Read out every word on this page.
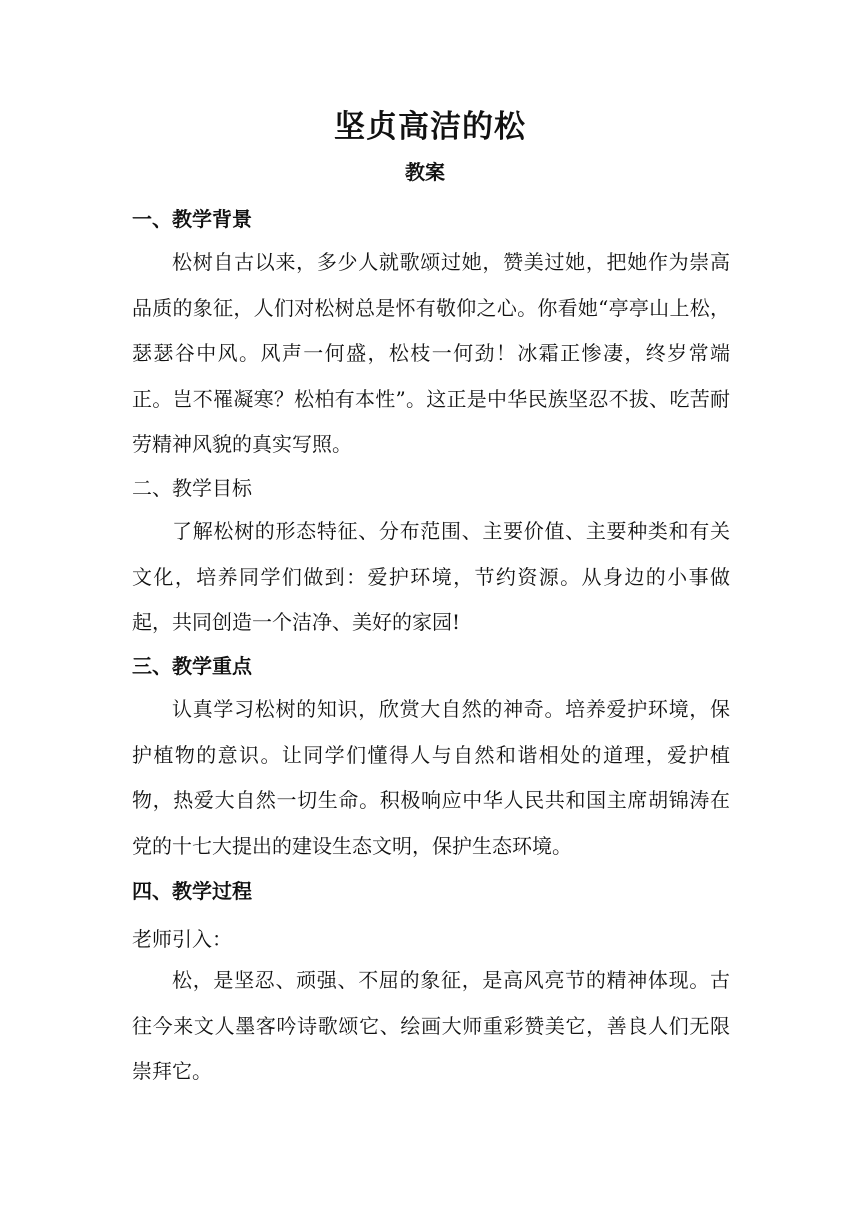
坚贞高洁的松
教案
一、教学背景
松树自古以来，多少人就歌颂过她，赞美过她，把她作为崇高品质的象征，人们对松树总是怀有敬仰之心。你看她“亭亭山上松，瑟瑟谷中风。风声一何盛，松枝一何劲！冰霜正惨凄，终岁常端正。岂不罹凝寒？松柏有本性”。这正是中华民族坚忍不拔、吃苦耐劳精神风貌的真实写照。
二、教学目标
了解松树的形态特征、分布范围、主要价值、主要种类和有关文化，培养同学们做到：爱护环境，节约资源。从身边的小事做起，共同创造一个洁净、美好的家园!
三、教学重点
认真学习松树的知识，欣赏大自然的神奇。培养爱护环境，保护植物的意识。让同学们懂得人与自然和谐相处的道理，爱护植物，热爱大自然一切生命。积极响应中华人民共和国主席胡锦涛在党的十七大提出的建设生态文明，保护生态环境。
四、教学过程
老师引入：
松，是坚忍、顽强、不屈的象征，是高风亮节的精神体现。古往今来文人墨客吟诗歌颂它、绘画大师重彩赞美它，善良人们无限崇拜它。
